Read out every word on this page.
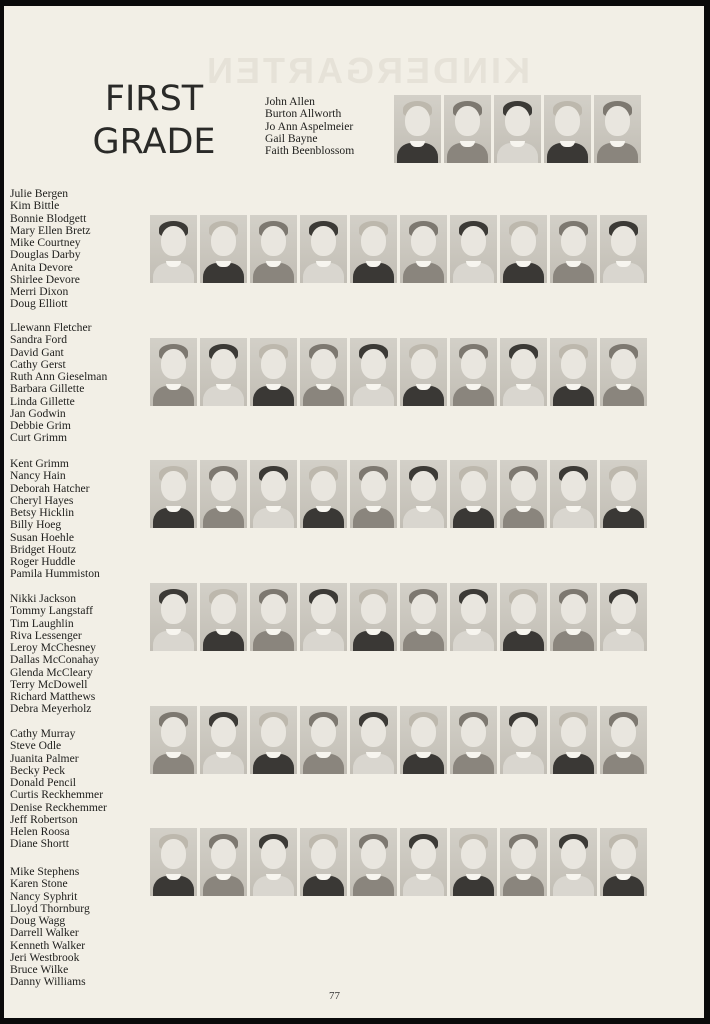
KINDERGARTEN
FIRST
GRADE
John Allen
Burton Allworth
Jo Ann Aspelmeier
Gail Bayne
Faith Beenblossom
Julie Bergen
Kim Bittle
Bonnie Blodgett
Mary Ellen Bretz
Mike Courtney
Douglas Darby
Anita Devore
Shirlee Devore
Merri Dixon
Doug Elliott
Llewann Fletcher
Sandra Ford
David Gant
Cathy Gerst
Ruth Ann Gieselman
Barbara Gillette
Linda Gillette
Jan Godwin
Debbie Grim
Curt Grimm
Kent Grimm
Nancy Hain
Deborah Hatcher
Cheryl Hayes
Betsy Hicklin
Billy Hoeg
Susan Hoehle
Bridget Houtz
Roger Huddle
Pamila Hummiston
Nikki Jackson
Tommy Langstaff
Tim Laughlin
Riva Lessenger
Leroy McChesney
Dallas McConahay
Glenda McCleary
Terry McDowell
Richard Matthews
Debra Meyerholz
Cathy Murray
Steve Odle
Juanita Palmer
Becky Peck
Donald Pencil
Curtis Reckhemmer
Denise Reckhemmer
Jeff Robertson
Helen Roosa
Diane Shortt
Mike Stephens
Karen Stone
Nancy Syphrit
Lloyd Thornburg
Doug Wagg
Darrell Walker
Kenneth Walker
Jeri Westbrook
Bruce Wilke
Danny Williams
77
